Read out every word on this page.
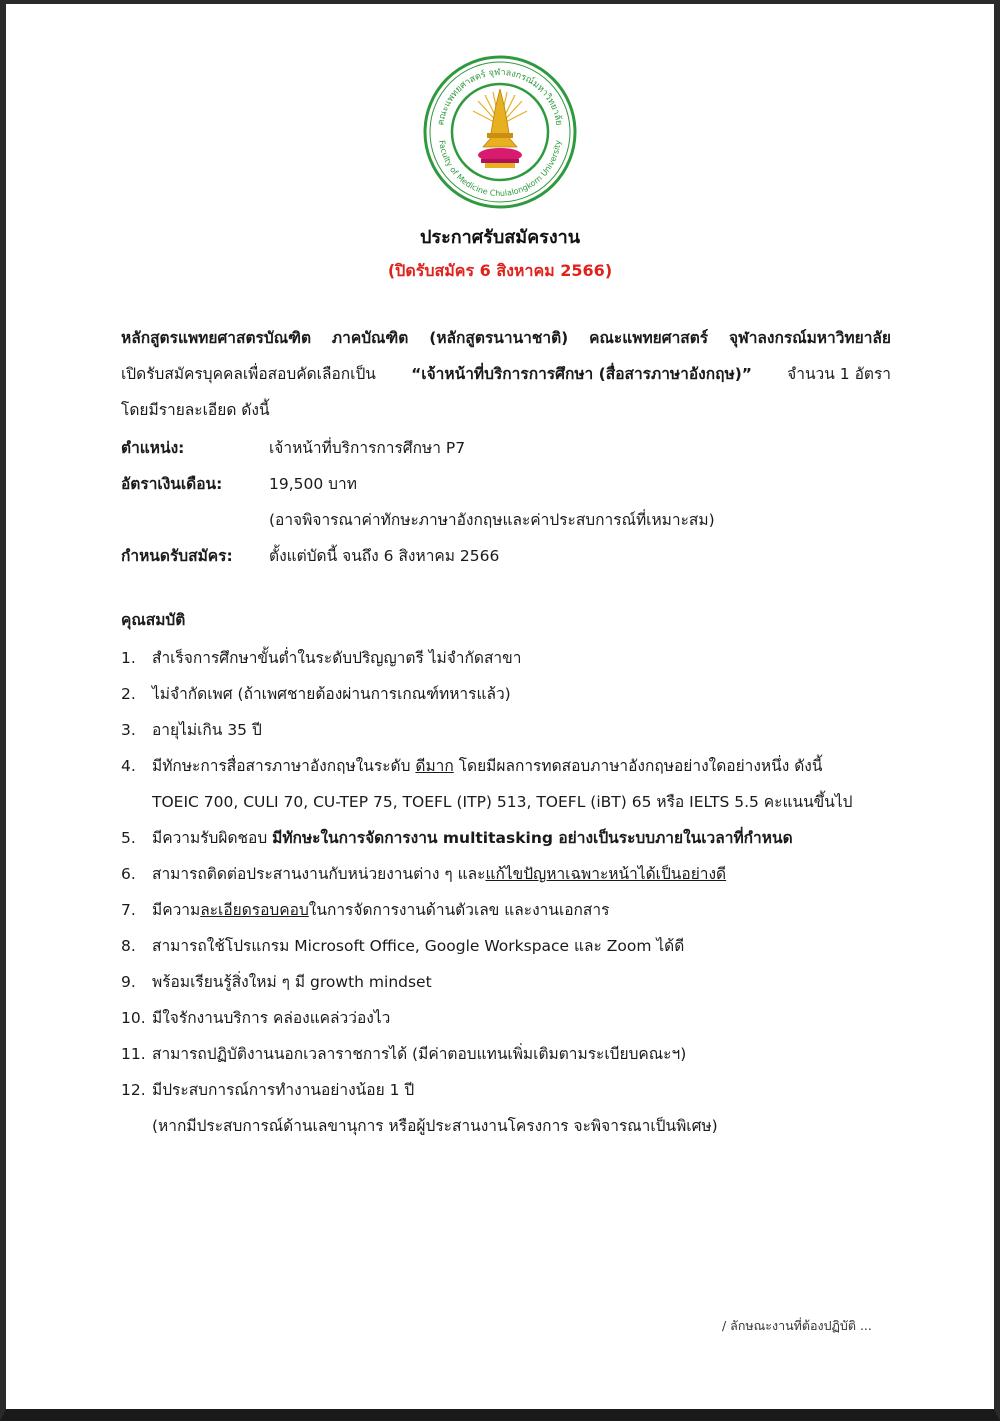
คณะแพทยศาสตร์ จุฬาลงกรณ์มหาวิทยาลัย
Faculty of Medicine Chulalongkorn University
ประกาศรับสมัครงาน
(ปิดรับสมัคร 6 สิงหาคม 2566)
หลักสูตรแพทยศาสตรบัณฑิต ภาคบัณฑิต (หลักสูตรนานาชาติ) คณะแพทยศาสตร์ จุฬาลงกรณ์มหาวิทยาลัย
เปิดรับสมัครบุคคลเพื่อสอบคัดเลือกเป็น “เจ้าหน้าที่บริการการศึกษา (สื่อสารภาษาอังกฤษ)” จำนวน 1 อัตรา
โดยมีรายละเอียด ดังนี้
ตำแหน่ง:	เจ้าหน้าที่บริการการศึกษา P7
อัตราเงินเดือน:	19,500 บาท
(อาจพิจารณาค่าทักษะภาษาอังกฤษและค่าประสบการณ์ที่เหมาะสม)
กำหนดรับสมัคร: ตั้งแต่บัดนี้ จนถึง 6 สิงหาคม 2566
คุณสมบัติ
1. สำเร็จการศึกษาขั้นต่ำในระดับปริญญาตรี ไม่จำกัดสาขา
2. ไม่จำกัดเพศ (ถ้าเพศชายต้องผ่านการเกณฑ์ทหารแล้ว)
3. อายุไม่เกิน 35 ปี
4. มีทักษะการสื่อสารภาษาอังกฤษในระดับ ดีมาก โดยมีผลการทดสอบภาษาอังกฤษอย่างใดอย่างหนึ่ง ดังนี้
TOEIC 700, CULI 70, CU-TEP 75, TOEFL (ITP) 513, TOEFL (iBT) 65 หรือ IELTS 5.5 คะแนนขึ้นไป
5. มีความรับผิดชอบ มีทักษะในการจัดการงาน multitasking อย่างเป็นระบบภายในเวลาที่กำหนด
6. สามารถติดต่อประสานงานกับหน่วยงานต่าง ๆ และแก้ไขปัญหาเฉพาะหน้าได้เป็นอย่างดี
7. มีความละเอียดรอบคอบในการจัดการงานด้านตัวเลข และงานเอกสาร
8. สามารถใช้โปรแกรม Microsoft Office, Google Workspace และ Zoom ได้ดี
9. พร้อมเรียนรู้สิ่งใหม่ ๆ มี growth mindset
10. มีใจรักงานบริการ คล่องแคล่วว่องไว
11. สามารถปฏิบัติงานนอกเวลาราชการได้ (มีค่าตอบแทนเพิ่มเติมตามระเบียบคณะฯ)
12. มีประสบการณ์การทำงานอย่างน้อย 1 ปี
(หากมีประสบการณ์ด้านเลขานุการ หรือผู้ประสานงานโครงการ จะพิจารณาเป็นพิเศษ)
/ ลักษณะงานที่ต้องปฏิบัติ ...
